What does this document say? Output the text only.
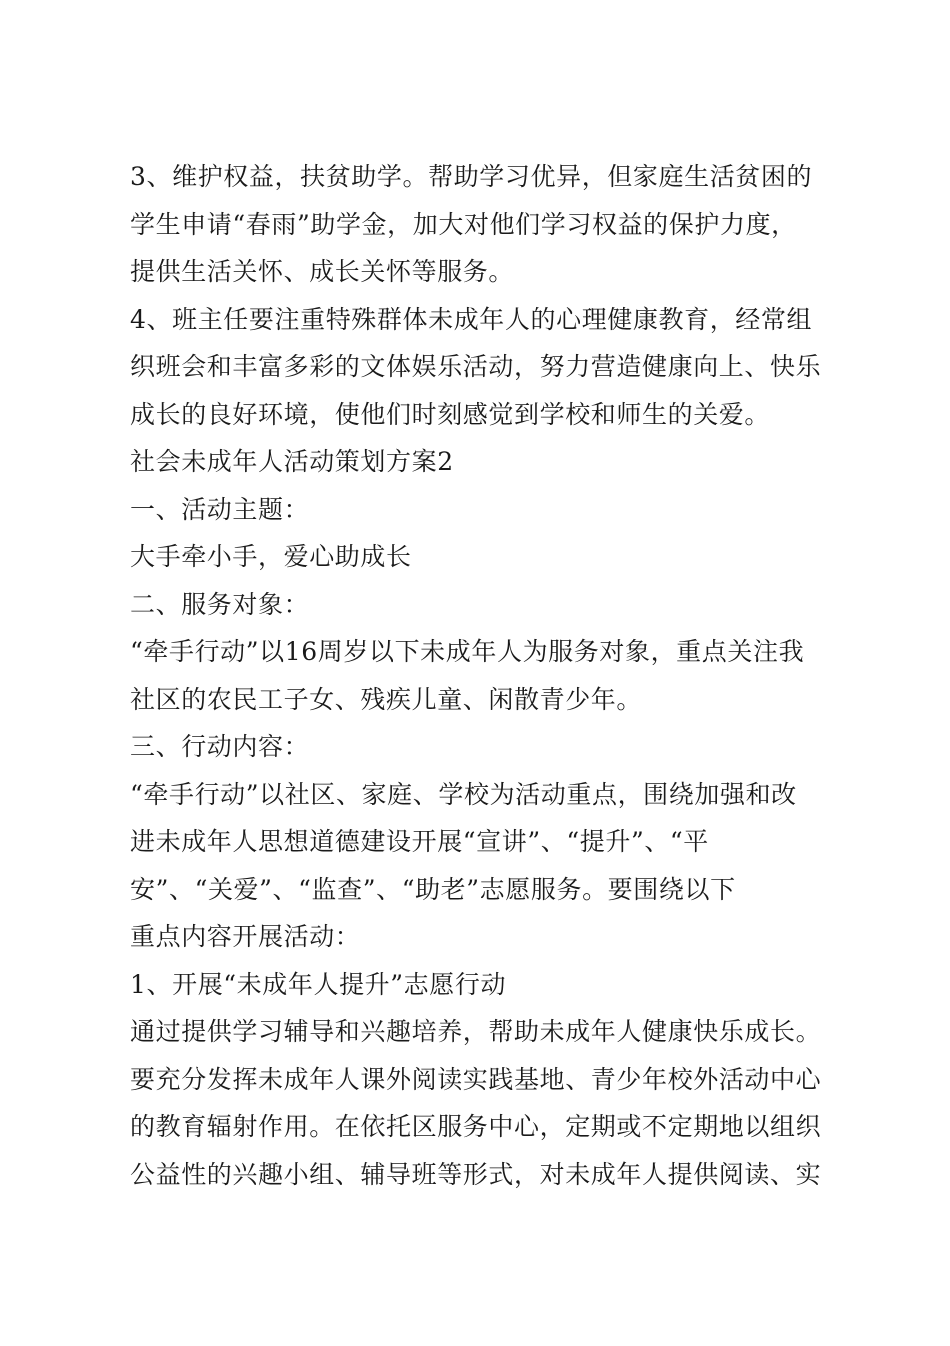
3、维护权益，扶贫助学。帮助学习优异，但家庭生活贫困的
学生申请“春雨”助学金，加大对他们学习权益的保护力度，
提供生活关怀、成长关怀等服务。
4、班主任要注重特殊群体未成年人的心理健康教育，经常组
织班会和丰富多彩的文体娱乐活动，努力营造健康向上、快乐
成长的良好环境，使他们时刻感觉到学校和师生的关爱。
社会未成年人活动策划方案2
一、活动主题：
大手牵小手，爱心助成长
二、服务对象：
“牵手行动”以16周岁以下未成年人为服务对象，重点关注我
社区的农民工子女、残疾儿童、闲散青少年。
三、行动内容：
“牵手行动”以社区、家庭、学校为活动重点，围绕加强和改
进未成年人思想道德建设开展“宣讲”、“提升”、“平
安”、“关爱”、“监查”、“助老”志愿服务。要围绕以下
重点内容开展活动：
1、开展“未成年人提升”志愿行动
通过提供学习辅导和兴趣培养，帮助未成年人健康快乐成长。
要充分发挥未成年人课外阅读实践基地、青少年校外活动中心
的教育辐射作用。在依托区服务中心，定期或不定期地以组织
公益性的兴趣小组、辅导班等形式，对未成年人提供阅读、实
